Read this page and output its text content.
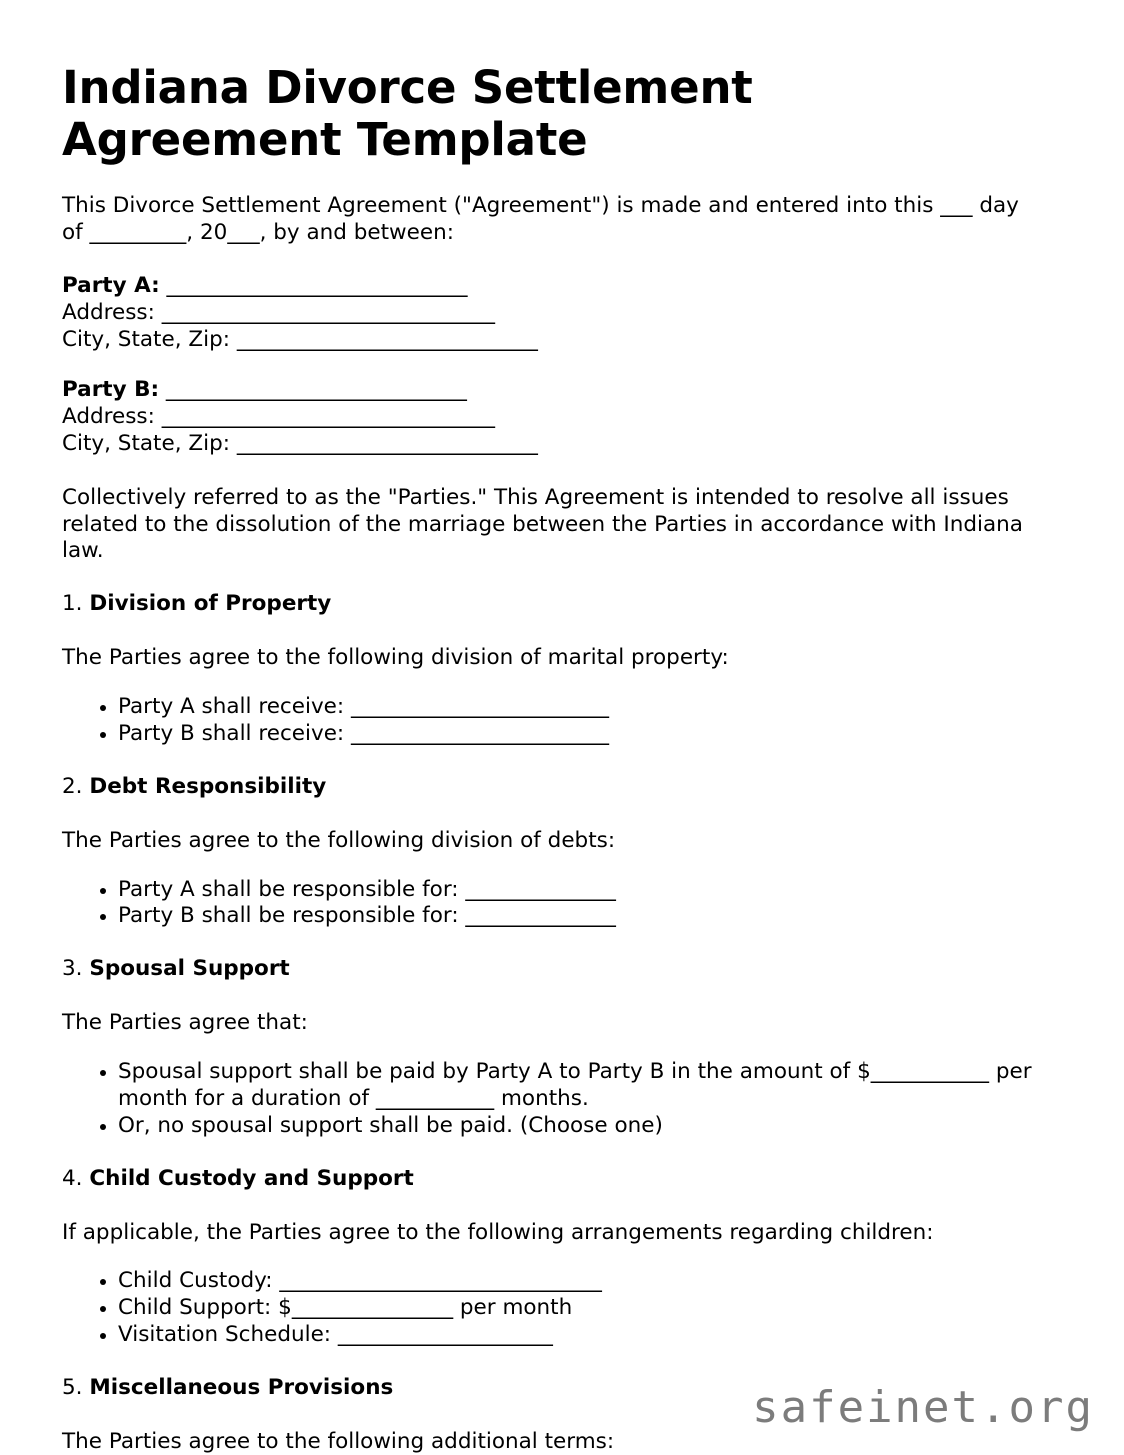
Indiana Divorce Settlement Agreement Template

This Divorce Settlement Agreement ("Agreement") is made and entered into this ___ day of _________, 20___, by and between:

Party A: ____________________________
Address: _______________________________
City, State, Zip: ____________________________
Party B: ____________________________
Address: _______________________________
City, State, Zip: ____________________________

Collectively referred to as the "Parties." This Agreement is intended to resolve all issues related to the dissolution of the marriage between the Parties in accordance with Indiana law.

1. Division of Property

The Parties agree to the following division of marital property:

Party A shall receive: ________________________
Party B shall receive: ________________________
2. Debt Responsibility

The Parties agree to the following division of debts:

Party A shall be responsible for: ______________
Party B shall be responsible for: ______________
3. Spousal Support

The Parties agree that:

Spousal support shall be paid by Party A to Party B in the amount of $___________ per month for a duration of ___________ months.
Or, no spousal support shall be paid. (Choose one)
4. Child Custody and Support

If applicable, the Parties agree to the following arrangements regarding children:

Child Custody: ______________________________
Child Support: $_______________ per month
Visitation Schedule: ____________________
5. Miscellaneous Provisions

The Parties agree to the following additional terms:

safeinet.org
